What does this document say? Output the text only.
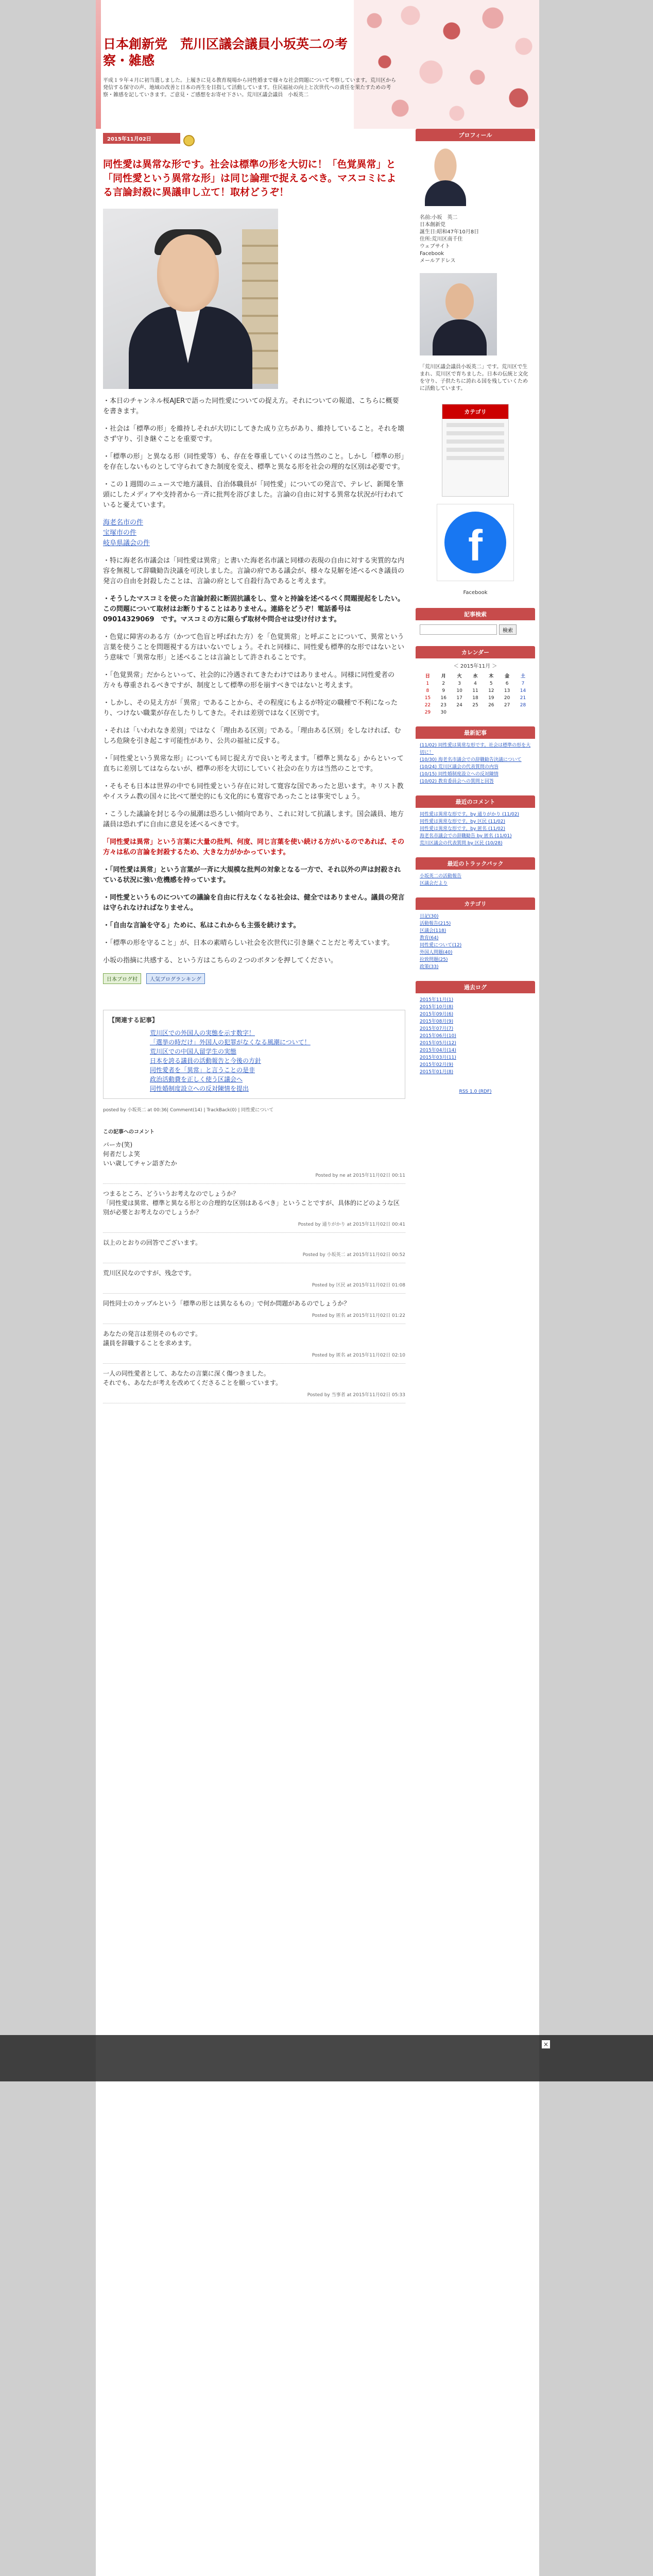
日本創新党　荒川区議会議員小坂英二の考察・雑感
平成１９年４月に初当選しました。上履きに見る教育現場から同性婚まで様々な社会問題について考察しています。荒川区から発信する保守の声、地域の改善と日本の再生を目指して活動しています。住民福祉の向上と次世代への責任を果たすための考察・雑感を記していきます。ご意見・ご感想をお寄せ下さい。荒川区議会議員　小坂英二
2015年11月02日
同性愛は異常な形です。社会は標準の形を大切に！「色覚異常」と「同性愛という異常な形」は同じ論理で捉えるべき。マスコミによる言論封殺に異議申し立て！取材どうぞ！

・本日のチャンネル桜AJERで語った同性愛についての捉え方。それについての報道、こちらに概要を書きます。

・社会は「標準の形」を維持しそれが大切にしてきた成り立ちがあり、維持していること。それを壊さず守り、引き継ぐことを重要です。

・「標準の形」と異なる形（同性愛等）も、存在を尊重していくのは当然のこと。しかし「標準の形」を存在しないものとして守られてきた制度を変え、標準と異なる形を社会の理的な区別は必要です。

・この１週間のニュースで地方議員、自治体職員が「同性愛」についての発言で、テレビ、新聞を筆頭にしたメディアや支持者から一斉に批判を浴びました。言論の自由に対する異常な状況が行われていると憂えています。

海老名市の件
宝塚市の件
岐阜県議会の件

・特に海老名市議会は「同性愛は異常」と書いた海老名市議と同様の表現の自由に対する実質的な内容を無視して辞職勧告決議を可決しました。言論の府である議会が、様々な見解を述べるべき議員の発言の自由を封殺したことは、言論の府として自殺行為であると考えます。

・そうしたマスコミを使った言論封殺に断固抗議をし、堂々と持論を述べるべく問題提起をしたい。この問題について取材はお断りすることはありません。連絡をどうぞ！電話番号は　09014329069　です。マスコミの方に限らず取材や問合せは受け付けます。

・色覚に障害のある方（かつて色盲と呼ばれた方）を「色覚異常」と呼ぶことについて、異常という言葉を使うことを問題視する方はいないでしょう。それと同様に、同性愛も標準的な形ではないという意味で「異常な形」と述べることは言論として許されることです。

・「色覚異常」だからといって、社会的に冷遇されてきたわけではありません。同様に同性愛者の方々も尊重されるべきですが、制度として標準の形を崩すべきではないと考えます。

・しかし、その見え方が「異常」であることから、その程度にもよるが特定の職種で不利になったり、つけない職業が存在したりしてきた。それは差別ではなく区別です。

・それは「いわれなき差別」ではなく「理由ある区別」である。「理由ある区別」をしなければ、むしろ危険を引き起こす可能性があり、公共の福祉に反する。

・「同性愛という異常な形」についても同じ捉え方で良いと考えます。「標準と異なる」からといって直ちに差別してはならないが、標準の形を大切にしていく社会の在り方は当然のことです。

・そもそも日本は世界の中でも同性愛という存在に対して寛容な国であったと思います。キリスト教やイスラム教の国々に比べて歴史的にも文化的にも寛容であったことは事実でしょう。

・こうした議論を封じる今の風潮は恐ろしい傾向であり、これに対して抗議します。国会議員、地方議員は恐れずに自由に意見を述べるべきです。

「同性愛は異常」という言葉に大量の批判、何度、同じ言葉を使い続ける方がいるのであれば、その方々は私の言論を封殺するため、大きな力がかかっています。

・「同性愛は異常」という言葉が一斉に大規模な批判の対象となる一方で、それ以外の声は封殺されている状況に強い危機感を持っています。

・同性愛というものについての議論を自由に行えなくなる社会は、健全ではありません。議員の発言は守られなければなりません。

・「自由な言論を守る」ために、私はこれからも主張を続けます。

・「標準の形を守ること」が、日本の素晴らしい社会を次世代に引き継ぐことだと考えています。

小坂の指摘に共感する、という方はこちらの２つのボタンを押してください。

日本ブログ村	人気ブログランキング
【関連する記事】
荒川区での外国人の実態を示す数字！
「選挙の時だけ」外国人の犯罪がなくなる風潮について！
荒川区での中国人留学生の実態
日本を誇る議員の活動報告と今後の方針
同性愛者を「異常」と言うことの是非
政治活動費を正しく使う区議会へ
同性婚制度設立への反対陳情を提出
posted by 小坂英二 at 00:36| Comment(14) | TrackBack(0) | 同性愛について
この記事へのコメント
バーカ(笑)
何者だしよ笑
いい歳してチャン語ぎたか
Posted by ne at 2015年11月02日 00:11
つまるところ、どういうお考えなのでしょうか？
「同性愛は異常、標準と異なる形との合理的な区別はあるべき」ということですが、具体的にどのような区別が必要とお考えなのでしょうか？
Posted by 通りがかり at 2015年11月02日 00:41
以上のとおりの回答でございます。
Posted by 小坂英二 at 2015年11月02日 00:52
荒川区民なのですが、残念です。
Posted by 区民 at 2015年11月02日 01:08
同性同士のカップルという「標準の形とは異なるもの」で何か問題があるのでしょうか？
Posted by 匿名 at 2015年11月02日 01:22
あなたの発言は差別そのものです。
議員を辞職することを求めます。
Posted by 匿名 at 2015年11月02日 02:10
一人の同性愛者として、あなたの言葉に深く傷つきました。
それでも、あなたが考えを改めてくださることを願っています。
Posted by 当事者 at 2015年11月02日 05:33
プロフィール
名前:小坂　英二
日本創新党
誕生日:昭和47年10月8日
住所:荒川区南千住
ウェブサイト
Facebook
メールアドレス
「荒川区議会議員小坂英二」です。荒川区で生まれ、荒川区で育ちました。日本の伝統と文化を守り、子供たちに誇れる国を残していくために活動しています。
カテゴリ
f
Facebook
記事検索
検索
カレンダー
＜ 2015年11月 ＞
日	月	火	水	木	金	土
1	2	3	4	5	6	7
8	9	10	11	12	13	14
15	16	17	18	19	20	21
22	23	24	25	26	27	28
29	30					
最新記事
(11/02) 同性愛は異常な形です。社会は標準の形を大切に！
(10/30) 海老名市議会での辞職勧告決議について
(10/24) 荒川区議会の代表質問の内容
(10/15) 同性婚制度設立への反対陳情
(10/02) 教育委員会への質問と回答
最近のコメント
同性愛は異常な形です。by 通りがかり (11/02)
同性愛は異常な形です。by 区民 (11/02)
同性愛は異常な形です。by 匿名 (11/02)
海老名市議会での辞職勧告 by 匿名 (11/01)
荒川区議会の代表質問 by 区民 (10/28)
最近のトラックバック
小坂英二の活動報告
区議会だより
カテゴリ
日記(30)
活動報告(215)
区議会(118)
教育(64)
同性愛について(12)
外国人問題(40)
拉致問題(25)
政策(33)
過去ログ
2015年11月(1)
2015年10月(8)
2015年09月(6)
2015年08月(9)
2015年07月(7)
2015年06月(10)
2015年05月(12)
2015年04月(14)
2015年03月(11)
2015年02月(9)
2015年01月(8)
RSS 1.0 (RDF)
×
